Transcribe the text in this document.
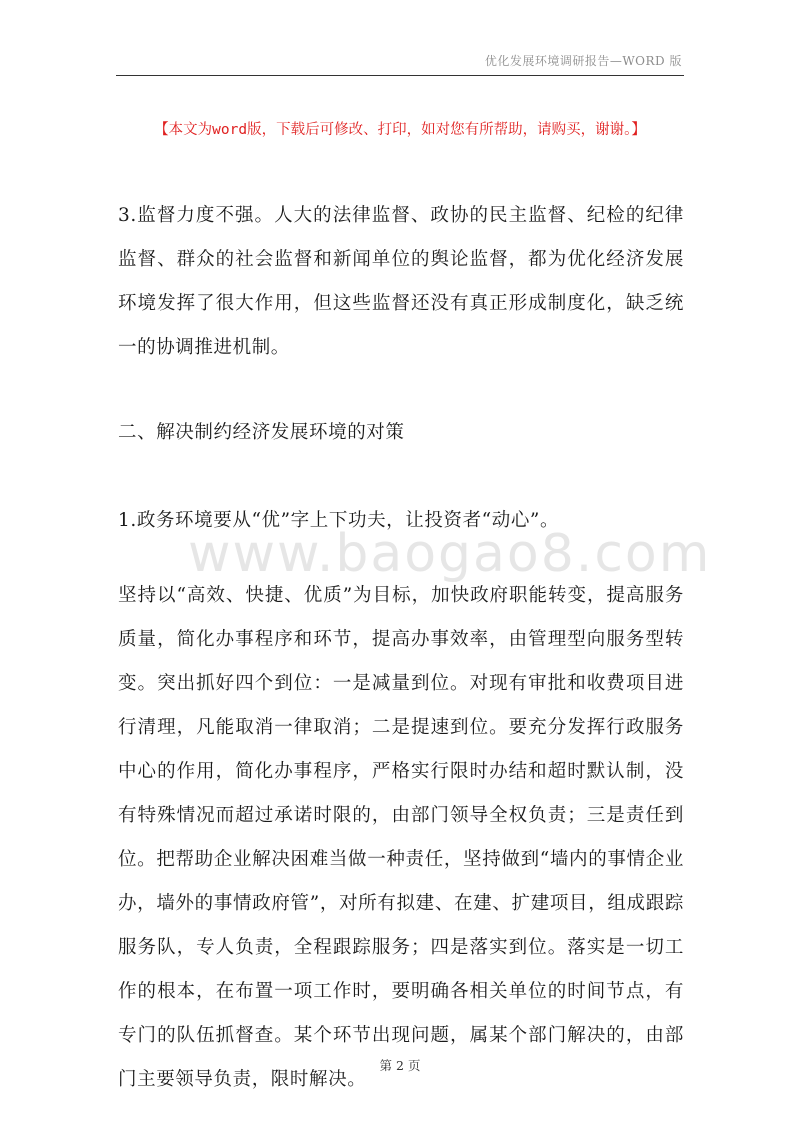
优化发展环境调研报告—WORD 版
【本文为word版，下载后可修改、打印，如对您有所帮助，请购买，谢谢。】

3.监督力度不强。人大的法律监督、政协的民主监督、纪检的纪律监督、群众的社会监督和新闻单位的舆论监督，都为优化经济发展环境发挥了很大作用，但这些监督还没有真正形成制度化，缺乏统一的协调推进机制。

二、解决制约经济发展环境的对策

1.政务环境要从“优”字上下功夫，让投资者“动心”。

www.baogao8.com

坚持以“高效、快捷、优质”为目标，加快政府职能转变，提高服务质量，简化办事程序和环节，提高办事效率，由管理型向服务型转变。突出抓好四个到位：一是减量到位。对现有审批和收费项目进行清理，凡能取消一律取消；二是提速到位。要充分发挥行政服务中心的作用，简化办事程序，严格实行限时办结和超时默认制，没有特殊情况而超过承诺时限的，由部门领导全权负责；三是责任到位。把帮助企业解决困难当做一种责任，坚持做到“墙内的事情企业办，墙外的事情政府管”，对所有拟建、在建、扩建项目，组成跟踪服务队，专人负责，全程跟踪服务；四是落实到位。落实是一切工作的根本，在布置一项工作时，要明确各相关单位的时间节点，有专门的队伍抓督查。某个环节出现问题，属某个部门解决的，由部门主要领导负责，限时解决。

第 2 页
